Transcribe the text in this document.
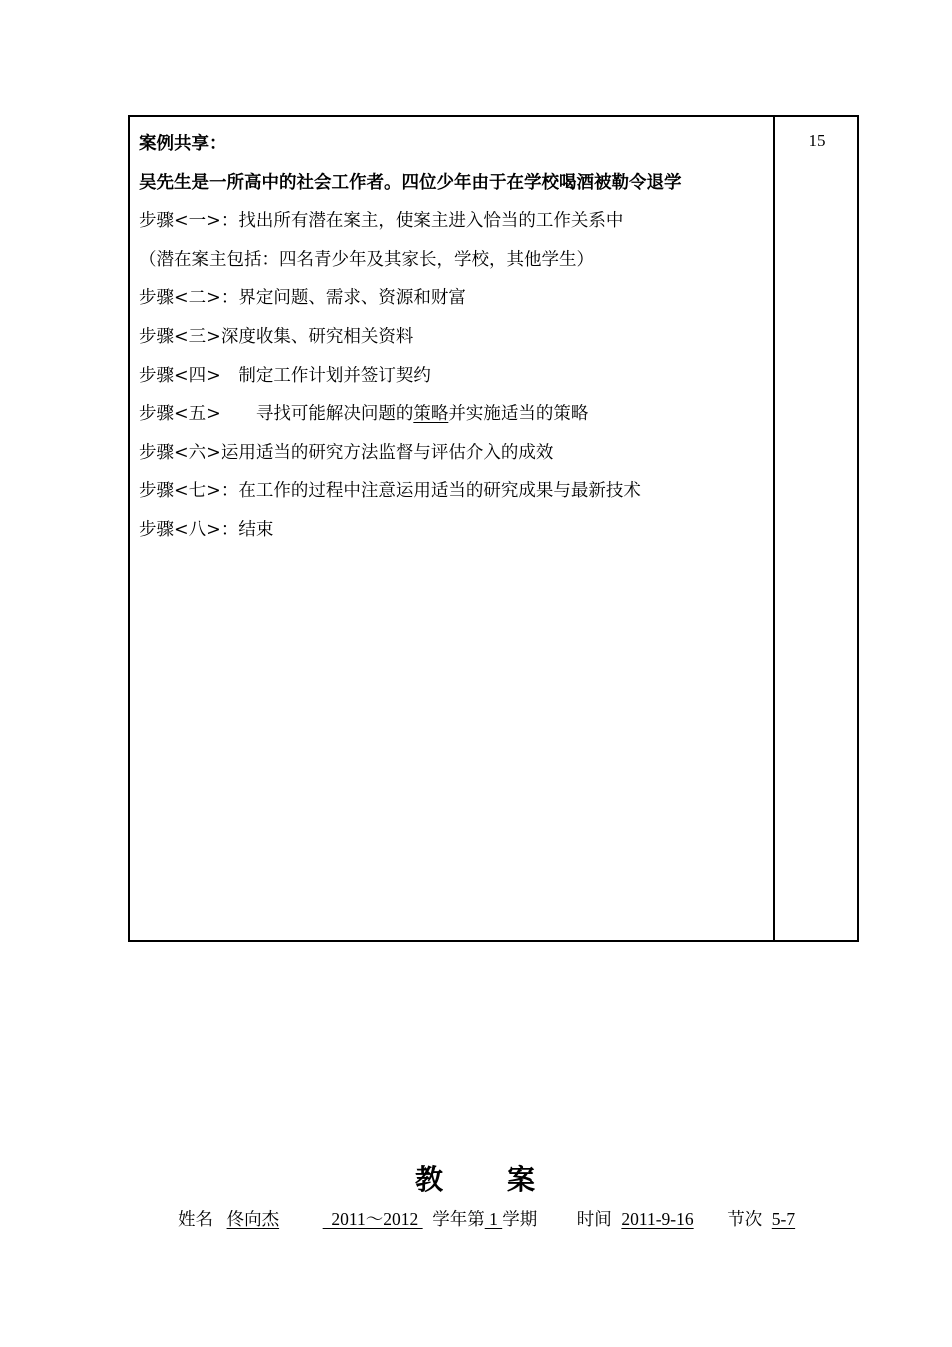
案例共享：
吴先生是一所高中的社会工作者。四位少年由于在学校喝酒被勒令退学
步骤<一>：找出所有潜在案主，使案主进入恰当的工作关系中
（潜在案主包括：四名青少年及其家长，学校，其他学生）
步骤<二>：界定问题、需求、资源和财富
步骤<三>深度收集、研究相关资料
步骤<四>　制定工作计划并签订契约
步骤<五>　　寻找可能解决问题的策略并实施适当的策略
步骤<六>运用适当的研究方法监督与评估介入的成效
步骤<七>：在工作的过程中注意运用适当的研究成果与最新技术
步骤<八>：结束
15
教 案
姓名 佟向杰   2011～2012  学年第 1 学期 时间 2011-9-16 节次 5-7
